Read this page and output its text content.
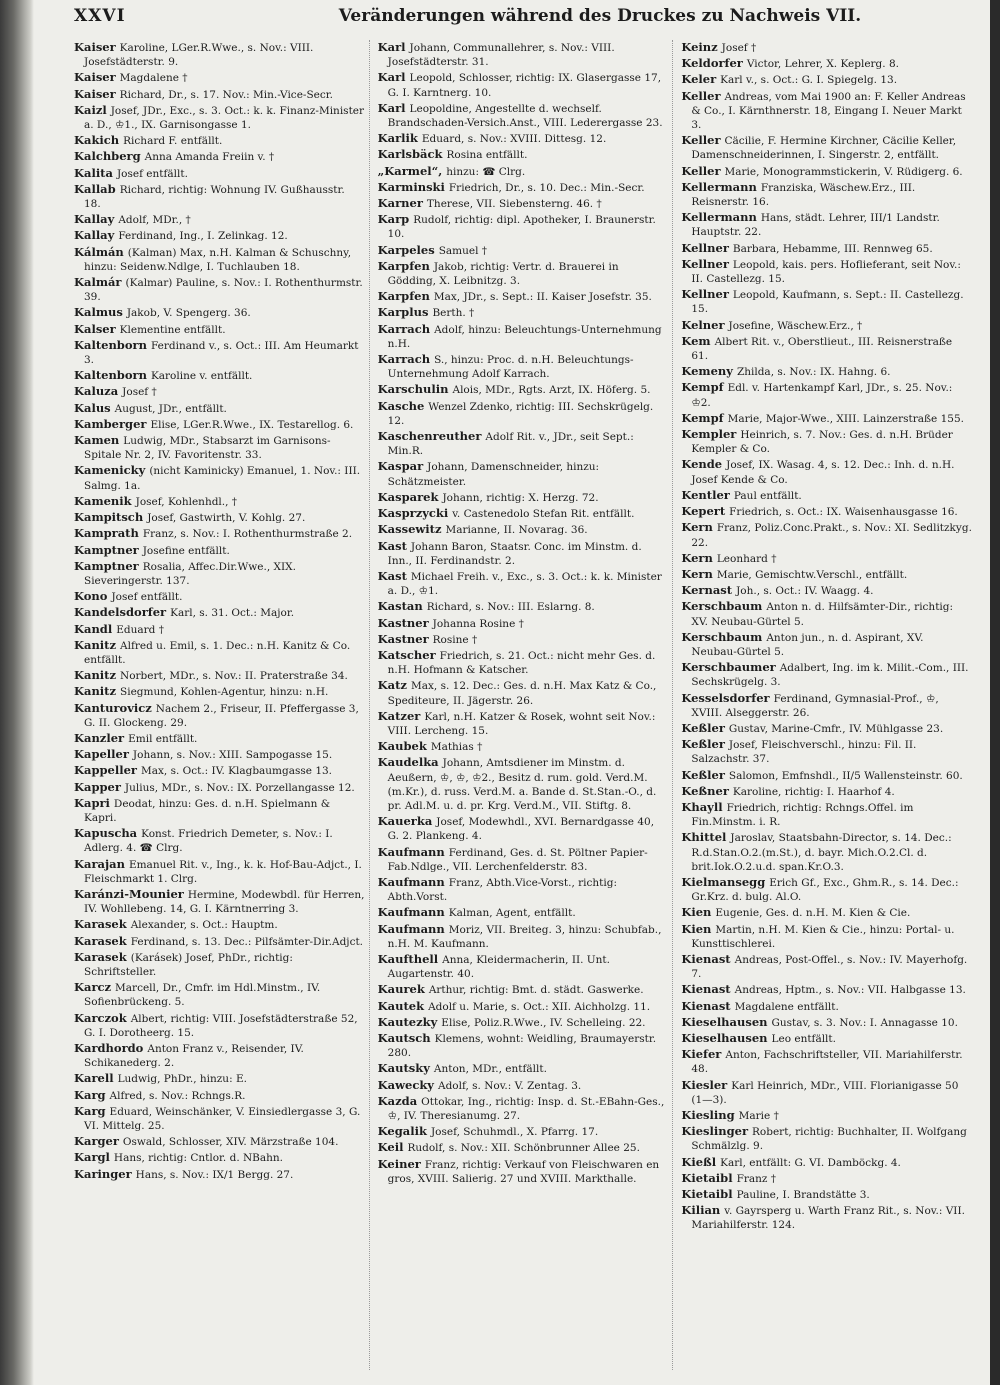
XXVI	Veränderungen während des Druckes zu Nachweis VII.
Kaiser Karoline, LGer.R.Wwe., s. Nov.: VIII. Josefstädterstr. 9.
Kaiser Magdalene †
Kaiser Richard, Dr., s. 17. Nov.: Min.-Vice-Secr.
Kaizl Josef, JDr., Exc., s. 3. Oct.: k. k. Finanz-Minister a. D., ♔1., IX. Garnisongasse 1.
Kakich Richard F. entfällt.
Kalchberg Anna Amanda Freiin v. †
Kalita Josef entfällt.
Kallab Richard, richtig: Wohnung IV. Gußhausstr. 18.
Kallay Adolf, MDr., †
Kallay Ferdinand, Ing., I. Zelinkag. 12.
Kálmán (Kalman) Max, n.H. Kalman & Schuschny, hinzu: Seidenw.Ndlge, I. Tuchlauben 18.
Kalmár (Kalmar) Pauline, s. Nov.: I. Rothenthurmstr. 39.
Kalmus Jakob, V. Spengerg. 36.
Kalser Klementine entfällt.
Kaltenborn Ferdinand v., s. Oct.: III. Am Heumarkt 3.
Kaltenborn Karoline v. entfällt.
Kaluza Josef †
Kalus August, JDr., entfällt.
Kamberger Elise, LGer.R.Wwe., IX. Testarellog. 6.
Kamen Ludwig, MDr., Stabsarzt im Garnisons-Spitale Nr. 2, IV. Favoritenstr. 33.
Kamenicky (nicht Kaminicky) Emanuel, 1. Nov.: III. Salmg. 1a.
Kamenik Josef, Kohlenhdl., †
Kampitsch Josef, Gastwirth, V. Kohlg. 27.
Kamprath Franz, s. Nov.: I. Rothenthurmstraße 2.
Kamptner Josefine entfällt.
Kamptner Rosalia, Affec.Dir.Wwe., XIX. Sieveringerstr. 137.
Kono Josef entfällt.
Kandelsdorfer Karl, s. 31. Oct.: Major.
Kandl Eduard †
Kanitz Alfred u. Emil, s. 1. Dec.: n.H. Kanitz & Co. entfällt.
Kanitz Norbert, MDr., s. Nov.: II. Praterstraße 34.
Kanitz Siegmund, Kohlen-Agentur, hinzu: n.H.
Kanturovicz Nachem 2., Friseur, II. Pfeffergasse 3, G. II. Glockeng. 29.
Kanzler Emil entfällt.
Kapeller Johann, s. Nov.: XIII. Sampogasse 15.
Kappeller Max, s. Oct.: IV. Klagbaumgasse 13.
Kapper Julius, MDr., s. Nov.: IX. Porzellangasse 12.
Kapri Deodat, hinzu: Ges. d. n.H. Spielmann & Kapri.
Kapuscha Konst. Friedrich Demeter, s. Nov.: I. Adlerg. 4. ☎ Clrg.
Karajan Emanuel Rit. v., Ing., k. k. Hof-Bau-Adjct., I. Fleischmarkt 1. Clrg.
Karánzi-Mounier Hermine, Modewbdl. für Herren, IV. Wohllebeng. 14, G. I. Kärntnerring 3.
Karasek Alexander, s. Oct.: Hauptm.
Karasek Ferdinand, s. 13. Dec.: Pilfsämter-Dir.Adjct.
Karasek (Karásek) Josef, PhDr., richtig: Schriftsteller.
Karcz Marcell, Dr., Cmfr. im Hdl.Minstm., IV. Sofienbrückeng. 5.
Karczok Albert, richtig: VIII. Josefstädterstraße 52, G. I. Dorotheerg. 15.
Kardhordo Anton Franz v., Reisender, IV. Schikanederg. 2.
Karell Ludwig, PhDr., hinzu: E.
Karg Alfred, s. Nov.: Rchngs.R.
Karg Eduard, Weinschänker, V. Einsiedlergasse 3, G. VI. Mittelg. 25.
Karger Oswald, Schlosser, XIV. Märzstraße 104.
Kargl Hans, richtig: Cntlor. d. NBahn.
Karinger Hans, s. Nov.: IX/1 Bergg. 27.
Karl Johann, Communallehrer, s. Nov.: VIII. Josefstädterstr. 31.
Karl Leopold, Schlosser, richtig: IX. Glasergasse 17, G. I. Karntnerg. 10.
Karl Leopoldine, Angestellte d. wechself. Brandschaden-Versich.Anst., VIII. Lederergasse 23.
Karlik Eduard, s. Nov.: XVIII. Dittesg. 12.
Karlsbäck Rosina entfällt.
„Karmel“, hinzu: ☎ Clrg.
Karminski Friedrich, Dr., s. 10. Dec.: Min.-Secr.
Karner Therese, VII. Siebensterng. 46. †
Karp Rudolf, richtig: dipl. Apotheker, I. Braunerstr. 10.
Karpeles Samuel †
Karpfen Jakob, richtig: Vertr. d. Brauerei in Gödding, X. Leibnitzg. 3.
Karpfen Max, JDr., s. Sept.: II. Kaiser Josefstr. 35.
Karplus Berth. †
Karrach Adolf, hinzu: Beleuchtungs-Unternehmung n.H.
Karrach S., hinzu: Proc. d. n.H. Beleuchtungs-Unternehmung Adolf Karrach.
Karschulin Alois, MDr., Rgts. Arzt, IX. Höferg. 5.
Kasche Wenzel Zdenko, richtig: III. Sechskrügelg. 12.
Kaschenreuther Adolf Rit. v., JDr., seit Sept.: Min.R.
Kaspar Johann, Damenschneider, hinzu: Schätzmeister.
Kasparek Johann, richtig: X. Herzg. 72.
Kasprzycki v. Castenedolo Stefan Rit. entfällt.
Kassewitz Marianne, II. Novarag. 36.
Kast Johann Baron, Staatsr. Conc. im Minstm. d. Inn., II. Ferdinandstr. 2.
Kast Michael Freih. v., Exc., s. 3. Oct.: k. k. Minister a. D., ♔1.
Kastan Richard, s. Nov.: III. Eslarng. 8.
Kastner Johanna Rosine †
Kastner Rosine †
Katscher Friedrich, s. 21. Oct.: nicht mehr Ges. d. n.H. Hofmann & Katscher.
Katz Max, s. 12. Dec.: Ges. d. n.H. Max Katz & Co., Spediteure, II. Jägerstr. 26.
Katzer Karl, n.H. Katzer & Rosek, wohnt seit Nov.: VIII. Lercheng. 15.
Kaubek Mathias †
Kaudelka Johann, Amtsdiener im Minstm. d. Aeußern, ♔, ♔, ♔2., Besitz d. rum. gold. Verd.M. (m.Kr.), d. russ. Verd.M. a. Bande d. St.Stan.-O., d. pr. Adl.M. u. d. pr. Krg. Verd.M., VII. Stiftg. 8.
Kauerka Josef, Modewhdl., XVI. Bernardgasse 40, G. 2. Plankeng. 4.
Kaufmann Ferdinand, Ges. d. St. Pöltner Papier-Fab.Ndlge., VII. Lerchenfelderstr. 83.
Kaufmann Franz, Abth.Vice-Vorst., richtig: Abth.Vorst.
Kaufmann Kalman, Agent, entfällt.
Kaufmann Moriz, VII. Breiteg. 3, hinzu: Schubfab., n.H. M. Kaufmann.
Kaufthell Anna, Kleidermacherin, II. Unt. Augartenstr. 40.
Kaurek Arthur, richtig: Bmt. d. städt. Gaswerke.
Kautek Adolf u. Marie, s. Oct.: XII. Aichholzg. 11.
Kautezky Elise, Poliz.R.Wwe., IV. Schelleing. 22.
Kautsch Klemens, wohnt: Weidling, Braumayerstr. 280.
Kautsky Anton, MDr., entfällt.
Kawecky Adolf, s. Nov.: V. Zentag. 3.
Kazda Ottokar, Ing., richtig: Insp. d. St.-EBahn-Ges., ♔, IV. Theresianumg. 27.
Kegalik Josef, Schuhmdl., X. Pfarrg. 17.
Keil Rudolf, s. Nov.: XII. Schönbrunner Allee 25.
Keiner Franz, richtig: Verkauf von Fleischwaren en gros, XVIII. Salierig. 27 und XVIII. Markthalle.
Keinz Josef †
Keldorfer Victor, Lehrer, X. Keplerg. 8.
Keler Karl v., s. Oct.: G. I. Spiegelg. 13.
Keller Andreas, vom Mai 1900 an: F. Keller Andreas & Co., I. Kärnthnerstr. 18, Eingang I. Neuer Markt 3.
Keller Cäcilie, F. Hermine Kirchner, Cäcilie Keller, Damenschneiderinnen, I. Singerstr. 2, entfällt.
Keller Marie, Monogrammstickerin, V. Rüdigerg. 6.
Kellermann Franziska, Wäschew.Erz., III. Reisnerstr. 16.
Kellermann Hans, städt. Lehrer, III/1 Landstr. Hauptstr. 22.
Kellner Barbara, Hebamme, III. Rennweg 65.
Kellner Leopold, kais. pers. Hoflieferant, seit Nov.: II. Castellezg. 15.
Kellner Leopold, Kaufmann, s. Sept.: II. Castellezg. 15.
Kelner Josefine, Wäschew.Erz., †
Kem Albert Rit. v., Oberstlieut., III. Reisnerstraße 61.
Kemeny Zhilda, s. Nov.: IX. Hahng. 6.
Kempf Edl. v. Hartenkampf Karl, JDr., s. 25. Nov.: ♔2.
Kempf Marie, Major-Wwe., XIII. Lainzerstraße 155.
Kempler Heinrich, s. 7. Nov.: Ges. d. n.H. Brüder Kempler & Co.
Kende Josef, IX. Wasag. 4, s. 12. Dec.: Inh. d. n.H. Josef Kende & Co.
Kentler Paul entfällt.
Kepert Friedrich, s. Oct.: IX. Waisenhausgasse 16.
Kern Franz, Poliz.Conc.Prakt., s. Nov.: XI. Sedlitzkyg. 22.
Kern Leonhard †
Kern Marie, Gemischtw.Verschl., entfällt.
Kernast Joh., s. Oct.: IV. Waagg. 4.
Kerschbaum Anton n. d. Hilfsämter-Dir., richtig: XV. Neubau-Gürtel 5.
Kerschbaum Anton jun., n. d. Aspirant, XV. Neubau-Gürtel 5.
Kerschbaumer Adalbert, Ing. im k. Milit.-Com., III. Sechskrügelg. 3.
Kesselsdorfer Ferdinand, Gymnasial-Prof., ♔, XVIII. Alseggerstr. 26.
Keßler Gustav, Marine-Cmfr., IV. Mühlgasse 23.
Keßler Josef, Fleischverschl., hinzu: Fil. II. Salzachstr. 37.
Keßler Salomon, Emfnshdl., II/5 Wallensteinstr. 60.
Keßner Karoline, richtig: I. Haarhof 4.
Khayll Friedrich, richtig: Rchngs.Offel. im Fin.Minstm. i. R.
Khittel Jaroslav, Staatsbahn-Director, s. 14. Dec.: R.d.Stan.O.2.(m.St.), d. bayr. Mich.O.2.Cl. d. brit.Iok.O.2.u.d. span.Kr.O.3.
Kielmansegg Erich Gf., Exc., Ghm.R., s. 14. Dec.: Gr.Krz. d. bulg. Al.O.
Kien Eugenie, Ges. d. n.H. M. Kien & Cie.
Kien Martin, n.H. M. Kien & Cie., hinzu: Portal- u. Kunsttischlerei.
Kienast Andreas, Post-Offel., s. Nov.: IV. Mayerhofg. 7.
Kienast Andreas, Hptm., s. Nov.: VII. Halbgasse 13.
Kienast Magdalene entfällt.
Kieselhausen Gustav, s. 3. Nov.: I. Annagasse 10.
Kieselhausen Leo entfällt.
Kiefer Anton, Fachschriftsteller, VII. Mariahilferstr. 48.
Kiesler Karl Heinrich, MDr., VIII. Florianigasse 50 (1—3).
Kiesling Marie †
Kieslinger Robert, richtig: Buchhalter, II. Wolfgang Schmälzlg. 9.
Kießl Karl, entfällt: G. VI. Damböckg. 4.
Kietaibl Franz †
Kietaibl Pauline, I. Brandstätte 3.
Kilian v. Gayrsperg u. Warth Franz Rit., s. Nov.: VII. Mariahilferstr. 124.
